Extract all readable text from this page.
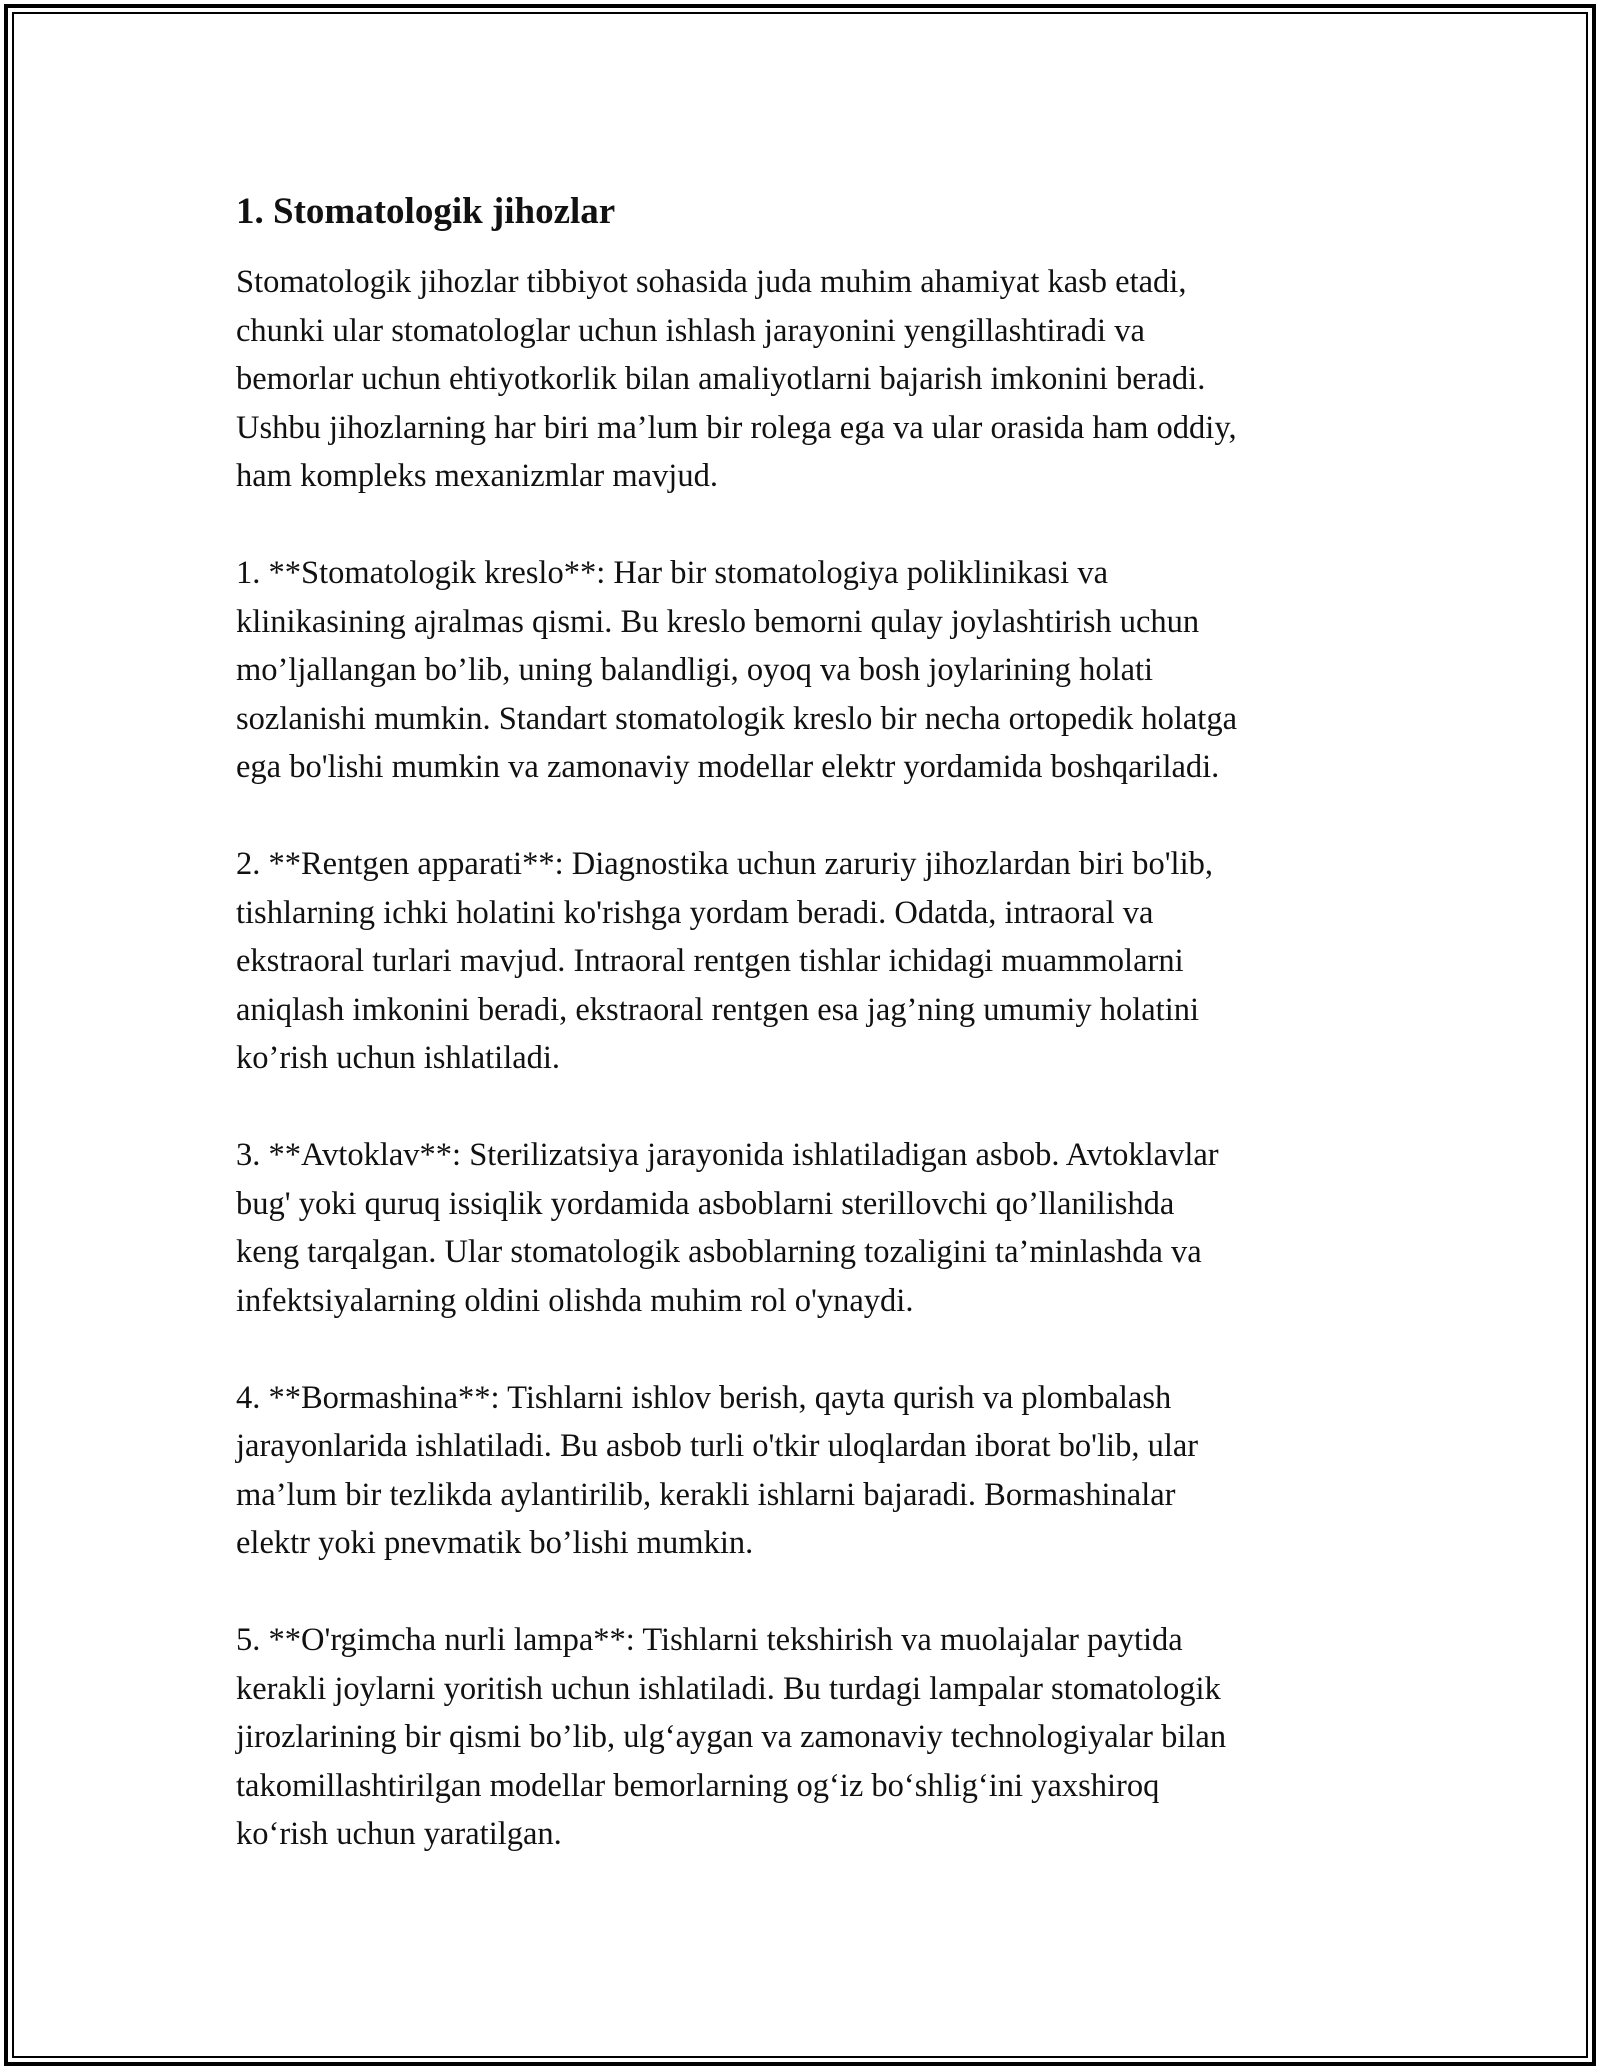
1. Stomatologik jihozlar
Stomatologik jihozlar tibbiyot sohasida juda muhim ahamiyat kasb etadi,
chunki ular stomatologlar uchun ishlash jarayonini yengillashtiradi va
bemorlar uchun ehtiyotkorlik bilan amaliyotlarni bajarish imkonini beradi.
Ushbu jihozlarning har biri ma’lum bir rolega ega va ular orasida ham oddiy,
ham kompleks mexanizmlar mavjud.
1. **Stomatologik kreslo**: Har bir stomatologiya poliklinikasi va
klinikasining ajralmas qismi. Bu kreslo bemorni qulay joylashtirish uchun
mo’ljallangan bo’lib, uning balandligi, oyoq va bosh joylarining holati
sozlanishi mumkin. Standart stomatologik kreslo bir necha ortopedik holatga
ega bo'lishi mumkin va zamonaviy modellar elektr yordamida boshqariladi.
2. **Rentgen apparati**: Diagnostika uchun zaruriy jihozlardan biri bo'lib,
tishlarning ichki holatini ko'rishga yordam beradi. Odatda, intraoral va
ekstraoral turlari mavjud. Intraoral rentgen tishlar ichidagi muammolarni
aniqlash imkonini beradi, ekstraoral rentgen esa jag’ning umumiy holatini
ko’rish uchun ishlatiladi.
3. **Avtoklav**: Sterilizatsiya jarayonida ishlatiladigan asbob. Avtoklavlar
bug' yoki quruq issiqlik yordamida asboblarni sterillovchi qo’llanilishda
keng tarqalgan. Ular stomatologik asboblarning tozaligini ta’minlashda va
infektsiyalarning oldini olishda muhim rol o'ynaydi.
4. **Bormashina**: Tishlarni ishlov berish, qayta qurish va plombalash
jarayonlarida ishlatiladi. Bu asbob turli o'tkir uloqlardan iborat bo'lib, ular
ma’lum bir tezlikda aylantirilib, kerakli ishlarni bajaradi. Bormashinalar
elektr yoki pnevmatik bo’lishi mumkin.
5. **O'rgimcha nurli lampa**: Tishlarni tekshirish va muolajalar paytida
kerakli joylarni yoritish uchun ishlatiladi. Bu turdagi lampalar stomatologik
jirozlarining bir qismi bo’lib, ulg‘aygan va zamonaviy technologiyalar bilan
takomillashtirilgan modellar bemorlarning og‘iz bo‘shlig‘ini yaxshiroq
ko‘rish uchun yaratilgan.
